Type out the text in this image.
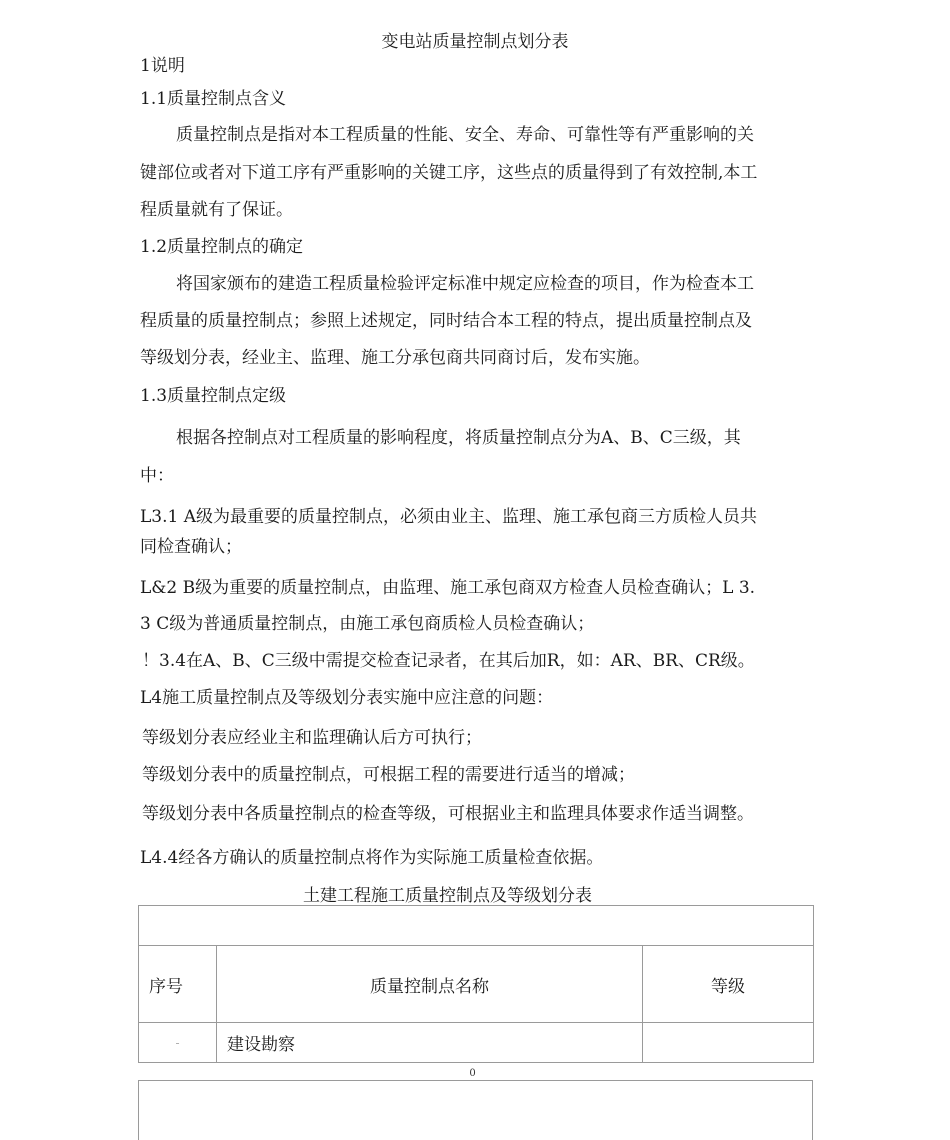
变电站质量控制点划分表
1说明
1.1质量控制点含义
质量控制点是指对本工程质量的性能、安全、寿命、可靠性等有严重影响的关
键部位或者对下道工序有严重影响的关键工序，这些点的质量得到了有效控制,本工
程质量就有了保证。
1.2质量控制点的确定
将国家颁布的建造工程质量检验评定标准中规定应检查的项目，作为检查本工
程质量的质量控制点；参照上述规定，同时结合本工程的特点，提出质量控制点及
等级划分表，经业主、监理、施工分承包商共同商讨后，发布实施。
1.3质量控制点定级
根据各控制点对工程质量的影响程度，将质量控制点分为A、B、C三级，其
中：
L3.1 A级为最重要的质量控制点，必须由业主、监理、施工承包商三方质检人员共
同检查确认；
L&2 B级为重要的质量控制点，由监理、施工承包商双方检查人员检查确认；L 3.
3 C级为普通质量控制点，由施工承包商质检人员检查确认；
！3.4在A、B、C三级中需提交检查记录者，在其后加R，如：AR、BR、CR级。
L4施工质量控制点及等级划分表实施中应注意的问题：
等级划分表应经业主和监理确认后方可执行；
等级划分表中的质量控制点，可根据工程的需要进行适当的增减；
等级划分表中各质量控制点的检查等级，可根据业主和监理具体要求作适当调整。
L4.4经各方确认的质量控制点将作为实际施工质量检查依据。
土建工程施工质量控制点及等级划分表

序号	质量控制点名称	等级
-	建设勘察	
0
